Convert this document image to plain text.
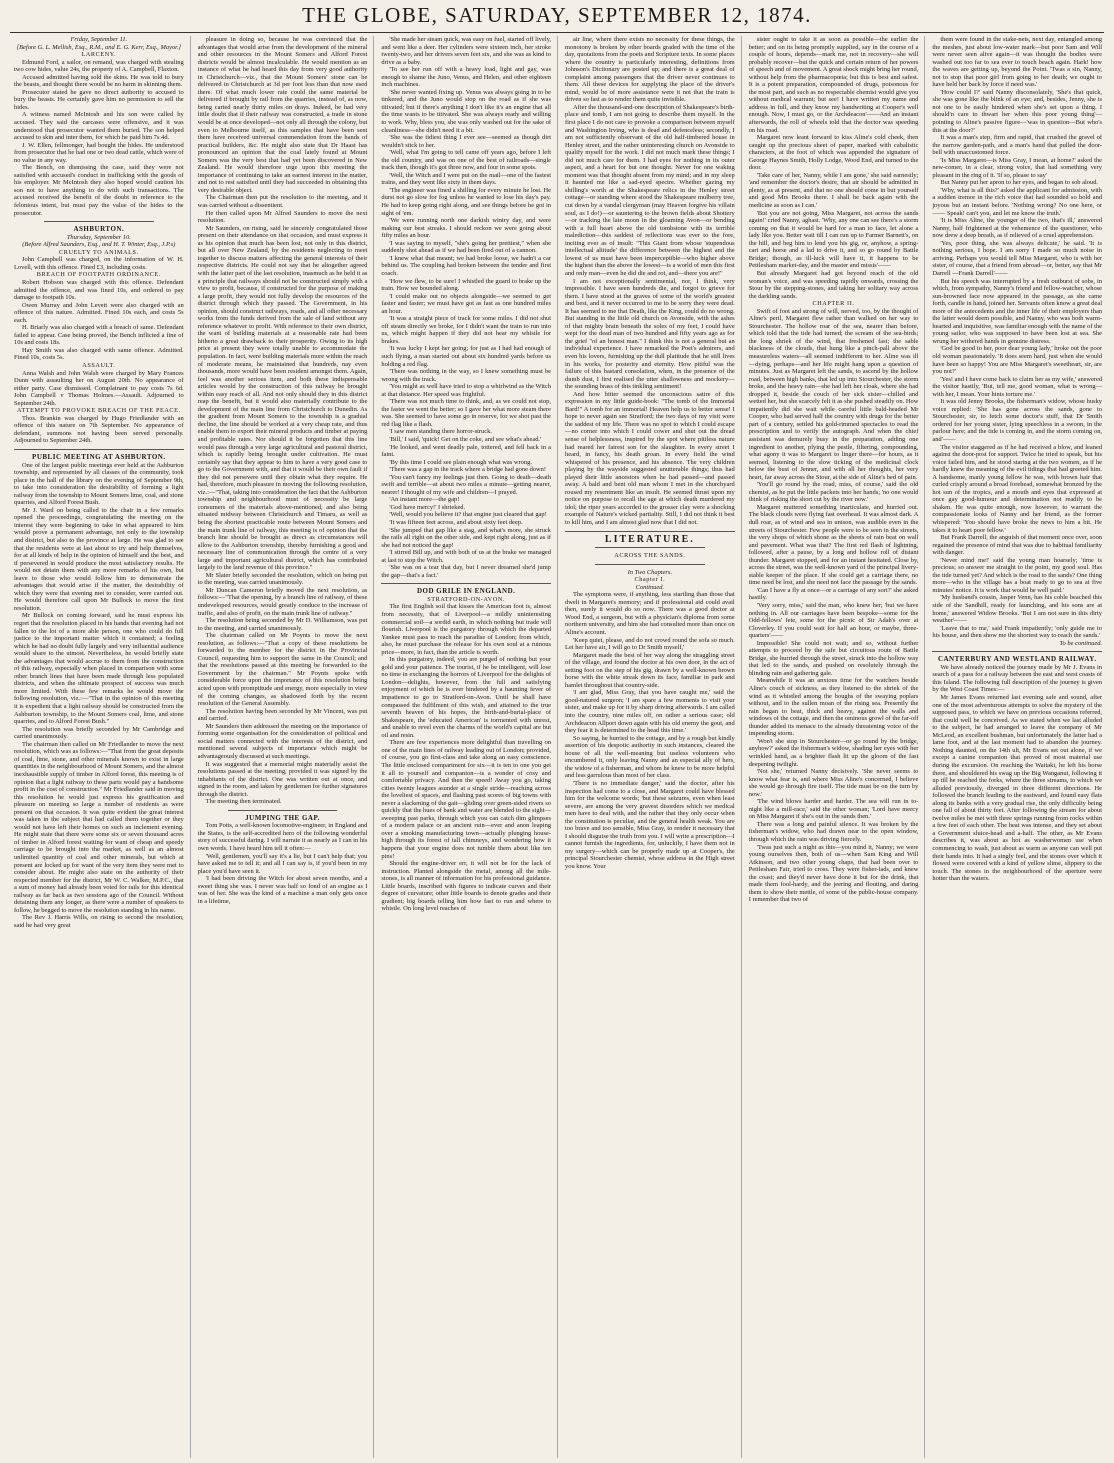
THE GLOBE, SATURDAY, SEPTEMBER 12, 1874.

Friday, September 11.

[Before G. L. Mellish, Esq., R.M., and E. G. Kerr, Esq., Mayor.]

LARCENY.

Edmund Ford, a sailor, on remand, was charged with stealing two cow hides, value 24s, the property of A. Campbell, Flaxton.

Accused admitted having sold the skins. He was told to bury the beasts, and thought there would be no harm in skinning them.

Prosecutor stated he gave no direct authority to accused to bury the beasts. He certainly gave him no permission to sell the hides.

A witness named McIntosh and his son were called by accused. They said the carcases were offensive, and it was understood that prosecutor wanted them buried. The son helped accused to skin and inter them, for which he paid him 7s 4d.

J. W. Ellen, fellmonger, had bought the hides. He understood from prosecutor that he had one or two dead cattle, which were of no value in any way.

The Bench, on dismissing the case, said they were not satisfied with accused's conduct in trafficking with the goods of his employer. Mr McIntosh they also hoped would caution his son not to have anything to do with such transactions. The accused received the benefit of the doubt in reference to the felonious intent, but must pay the value of the hides to the prosecutor.

ASHBURTON.

Thursday, September 10.

(Before Alfred Saunders, Esq., and H. T. Winter, Esq., J.P.s)

CRUELTY TO ANIMALS.

John Campbell was charged, on the information of W. H. Lovell, with this offence. Fined £3, including costs.

BREACH OF FOOTPATH ORDINANCE.

Robert Hobson was charged with this offence. Defendant admitted the offence, and was fined 10s, and ordered to pay damage to footpath 10s.

Owen Murray and John Levett were also charged with an offence of this nature. Admitted. Fined 10s each, and costs 5s each.

H. Briarly was also charged with a breach of same. Defendant failed to appear. Case being proved, the Bench inflicted a fine of 10s and costs 18s.

Hay Smith was also charged with same offence. Admitted. Fined 10s, costs 5s.

ASSAULT.

Anna Walsh and John Walsh were charged by Mary Frances Dunn with assaulting her on August 20th. No appearance of either party. Case dismissed. Complainant to pay costs 7s 6d. John Campbell v Thomas Holmes.—Assault. Adjourned to September 24th.

ATTEMPT TO PROVOKE BREACH OF THE PEACE.

Thos. Brankin was charged by Hugo Friedlander with an offence of this nature on 7th September. No appearance of defendant, summons not having been served personally. Adjourned to September 24th.

PUBLIC MEETING AT ASHBURTON.

One of the largest public meetings ever held at the Ashburton township, and represented by all classes of the community, took place in the hall of the library on the evening of September 9th, to take into consideration the desirability of forming a light railway from the township to Mount Somers lime, coal, and stone quarries, and Alford Forest Bush.

Mr J. Ward on being called to the chair in a few remarks opened the proceedings, congratulating the meeting on the interest they were beginning to take in what appeared to him would prove a permanent advantage, not only to the township and district, but also to the province at large. He was glad to see that the residents were at last about to try and help themselves, for at all kinds of help in the opinion of himself and the best, and if persevered in would produce the most satisfactory results. He would not detain them with any more remarks of his own, but leave to those who would follow him to demonstrate the advantages that would arise if the matter, the desirability of which they were that evening met to consider, were carried out. He would therefore call upon Mr Bullock to move the first resolution.

Mr Bullock on coming forward, said he must express his regret that the resolution placed in his hands that evening had not fallen to the lot of a more able person, one who could do full justice to the important matter which it contained; a feeling which he had no doubt fully largely and very influential audience would share to the utmost. Nevertheless, he would briefly state the advantages that would accrue to them from the construction of this railway, especially when placed in comparison with some other branch lines that have been made through less populated districts, and when the ultimate prospect of success was much more limited. With these few remarks he would move the following resolution, viz.:—"That in the opinion of this meeting it is expedient that a light railway should be constructed from the Ashburton township, to the Mount Somers coal, lime, and stone quarries, and to Alford Forest Bush."

The resolution was briefly seconded by Mr Cambridge and carried unanimously.

The chairman then called on Mr Friedlander to move the next resolution, which was as follows:—"That from the great deposits of coal, lime, stone, and other minerals known to exist in large quantities in the neighbourhood of Mount Somers, and the almost inexhaustible supply of timber in Alford forest, this meeting is of opinion that a light railway to these parts would pay a handsome profit in the cost of construction." Mr Friedlander said in moving this resolution he would just express his gratification and pleasure on meeting so large a number of residents as were present on that occasion. It was quite evident the great interest was taken in the subject that had called them together or they would not have left their homes on such an inclement evening. He might state that there were some six or seven thousand acres of timber in Alford forest waiting for want of cheap and speedy carriage to be brought into the market, as well as an almost unlimited quantity of coal and other minerals, but which at present are locked up for want of the very item they were met to consider about. He might also state on the authority of their respected member for the district, Mr W. C. Walker, M.P.C., that a sum of money had already been voted for rails for this identical railway as far back as two sessions ago of the Council. Without detaining them any longer, as there were a number of speakers to follow, he begged to move the resolution standing in his name.

The Rev J. Harris Wills, on rising to second the resolution, said he had very great

pleasure in doing so, because he was convinced that the advantages that would arise from the development of the mineral and other resources in the Mount Somers and Alford Forest districts would be almost incalculable. He would mention as an instance of what he had heard this day from very good authority in Christchurch—viz., that the Mount Somers' stone can be delivered in Christchurch at 3d per foot less than that now used there. Of what much lower rate could the same material be delivered if brought by rail from the quarries, instead of, as now, being carted nearly thirty miles on drays. Indeed, he had very little doubt that if their railway was constructed, a trade in stone would be at once developed—not only all through the colony, but even to Melbourne itself, as this samples that have been sent there have received universal commendation from the hands of practical builders, &c. He might also state that Dr Haast has pronounced an opinion that the coal lately found at Mount Somers was the very best that had yet been discovered in New Zealand. He would therefore urge upon this meeting the importance of continuing to take an earnest interest in the matter, and not to rest satisfied until they had succeeded in obtaining this very desirable object.

The Chairman then put the resolution to the meeting, and it was carried without a dissentient.

He then called upon Mr Alfred Saunders to move the next resolution.

Mr Saunders, on rising, said he sincerely congratulated those present on their attendance on that occasion, and must express it as his opinion that much has been lost, not only in this district, but all over New Zealand, by the residents neglecting to meet together to discuss matters affecting the general interests of their respective districts. He could not say that he altogether agreed with the latter part of the last resolution, inasmuch as he held it as a principle that railways should not be constructed simply with a view to profit, because, if constructed for the purpose of making a large profit, they would not fully develop the resources of the district through which they passed. The Government, in his opinion, should construct railways, roads, and all other necessary works from the funds derived from the sale of land without any reference whatever to profit. With reference to their own district, the want of building materials at a reasonable rate had been hitherto a great drawback to their prosperity. Owing to its high price at present they were totally unable to accommodate the population. In fact, were building materials more within the reach of moderate means, he maintained that hundreds, nay even thousands, more would have been resident amongst them. Again, feel was another serious item, and both these indispensable articles would by the construction of this railway be brought within easy reach of all. And not only should they in this district reap the benefit, but it would also materially contribute to the development of the main line from Christchurch to Dunedin. As the gradient from Mount Somers to the township is a gradual decline, the line should be worked at a very cheap rate, and thus enable them to export their mineral products and timber at paying and profitable rates. Nor should it be forgotten that this line would pass through a very large agricultural and pastoral district, which is rapidly being brought under cultivation. He must certainly say that they appear to him to have a very good case to go to the Government with, and that it would be their own fault if they did not persevere until they obtain what they require. He had, therefore, much pleasure in moving the following resolution, viz.:—"That, taking into consideration the fact that the Ashburton township and neighbourhood must of necessity be large consumers of the materials above-mentioned, and also being situated midway between Christchurch and Timaru, as well as being the shortest practicable route between Mount Somers and the main trunk line of railway, this meeting is of opinion that the branch line should be brought as direct as circumstances will allow to the Ashburton township, thereby furnishing a good and necessary line of communication through the centre of a very large and important agricultural district, which has contributed largely to the land revenue of this province."

Mr Slater briefly seconded the resolution, which on being put to the meeting, was carried unanimously.

Mr Duncan Cameron briefly moved the next resolution, as follows:—"That the opening, by a branch line of railway, of these undeveloped resources, would greatly conduce to the increase of traffic, and also of profit, on the main trunk line of railway."

The resolution being seconded by Mr D. Williamson, was put to the meeting, and carried unanimously.

The chairman called on Mr Poynts to move the next resolution, as follows:—"That a copy of these resolutions be forwarded to the member for the district in the Provincial Council, requesting him to support the same in the Council; and that the resolutions passed at this meeting be forwarded to the Government by the chairman." Mr Poynts spoke with considerable force upon the importance of this resolution being acted upon with promptitude and energy, more especially in view of the coming changes, as shadowed forth by the recent resolution of the General Assembly.

The resolution having been seconded by Mr Vincent, was put and carried.

Mr Saunders then addressed the meeting on the importance of forming some organisation for the consideration of political and social matters connected with the interests of the district, and mentioned several subjects of importance which might be advantageously discussed at such meetings.

It was suggested that a memorial might materially assist the resolutions passed at the meeting, provided it was signed by the inhabitants of the district. One was written out at once, and signed in the room, and taken by gentlemen for further signatures through the district.

The meeting then terminated.

JUMPING THE GAP.

Tom Potts, a well-known locomotive-engineer, in England and the States, is the self-accredited hero of the following wonderful story of successful daring. I will narrate it as nearly as I can in his own words. I have heard him tell it often:—

'Well, gentlemen, you'll say it's a lie, but I can't help that; you have asked me to tell it; and all I can say is, if you'd been in my place you'd have seen it.

'I had been driving the Witch for about seven months, and a sweet thing she was. I never was half so fond of an engine as I was of her. She was the kind of a machine a man only gets once in a lifetime,

'She made her steam quick, was easy on fuel, started off lively, and went like a deer. Her cylinders were sixteen inch, her stroke twenty-two, and her drivers seven feet six, and she was as kind to drive as a baby.

'To see her run off with a heavy load, light and gay, was enough to shame the Juno, Venus, and Helen, and other eighteen inch machines.

'She never wanted fixing up. Venus was always going in to be tinkered, and the Juno would stop on the road as if she was titivated; but if there's anything I don't like it's an engine that all the time wants to be titivated. She was always ready and willing to work. Why, bless you, she was only washed out for the sake of cleanliness—she didn't need it a bit.

'She was the tidiest thing I ever see—seemed as though dirt wouldn't stick to her.

'Well, what I'm going to tell came off years ago, before I left the old country, and was on one of the best of railroads—single track then, though it's got three now, and four in some spots.

'Well, the Witch and I were put on the mail—one of the fastest trains, and they went like sixty in them days.

'The engineer was fined a shilling for every minute he lost. He durst not go slow for fog unless he wanted to lose his day's pay. He had to keep going right along, and see things before he got in sight of 'em.

'We were running north one darkish wintry day, and were making our best streaks. I should reckon we were going about fifty miles an hour.

'I was saying to myself, "she's going her prettiest," when she suddenly shot ahead as if we had been fired out of a cannon.

'I knew what that meant; we had broke loose, we hadn't a car behind us. The coupling had broken between the tender and first coach.

'How we flew, to be sure! I whistled the guard to brake up the train. How we bounded along.

'I could make out no objects alongside—we seemed to get faster and faster; we must have got as fast as one hundred miles an hour.

'It was a straight piece of track for some miles. I did not shut off steam directly we broke, for I didn't want the train to run into us, which might happen if they did not hear my whistle for brakes.

'It was lucky I kept her going; for just as I had had enough of such flying, a man started out about six hundred yards before us holding a red flag.

'There was nothing in the way, so I knew something must be wrong with the track.

'You might as well have tried to stop a whirlwind as the Witch at that distance. Her speed was frightful.

'There was not much time to think, and, as we could not stop, the faster we went the better; so I gave her what more steam there was. She seemed to have some go in reserve, for we shot past the red flag like a flash.

'I saw men standing there horror-struck.

'Bill,' I said, 'quick! Get on the coke, and see what's ahead.'

'He looked, and went deadly pale, tottered, and fell back in a faint.

'By this time I could see plain enough what was wrong.

'There was a gap in the track where a bridge had gone down!

'You can't fancy my feelings just then. Going to death—death swift and terrible—at about two miles a minute—getting nearer, nearer! I thought of my wife and children—I prayed.

'An instant more—the gap!

'God have mercy!' I shrieked.

'Well, would you believe it? that engine just cleared that gap!

'It was fifteen feet across, and about sixty feet deep.

'She jumped that gap like a stag, and what's more, she struck the rails all right on the other side, and kept right along, just as if she had not noticed the gap!

'I stirred Bill up, and with both of us at the brake we managed at last to stop the Witch.

'She was on a tear that day, but I never dreamed she'd jump the gap—that's a fact.'

DOD GRILE IN ENGLAND.

STRATFORD-ON-AVON.

The first English soil that kisses the American foot is, almost from necessity, that of Liverpool—a mildly uninteresting commercial soil—a sordid earth, in which nothing but trade will flourish. Liverpool is the purgatory through which the departed Yankee must pass to reach the paradise of London; from which, also, he must purchase the release for his own soul at a ruinous price—more, in fact, than the article is worth.

In this purgatory, indeed, you are purged of nothing but your gold and your patience. The tourist, if he be intelligent, will lose no time in exchanging the horrors of Liverpool for the delights of London—delights, however, from the full and satisfying enjoyment of which he is ever hindered by a haunting fever of impatience to go to Stratford-on-Avon. Until he shall have compassed the fulfilment of this wish, and attained to the true seventh heaven of his hopes, the birth-and-burial-place of Shakespeare, the 'educated American' is tormented with unrest, and unable to revel even the charms of the world's capital are but oil and resin.

There are few experiences more delightful than travelling on one of the main lines of railway leading out of London; provided, of course, you go first-class and take along an easy conscience. The little enclosed compartment for six—it is ten to one you get it all to yourself and companion—is a wonder of cosy and comfortable privacy. And then the speed! Away you go, taking cities twenty leagues asunder at a single stride—reaching across the loveliest of spaces, and flashing past scores of big towns with never a slackening of the gait—gliding over green-sided rivers so quickly that the hues of bank and water are blended to the sight—sweeping past parks, through which you can catch dim glimpses of a modern palace or an ancient ruin—ever and anon leaping over a smoking manufacturing town—actually plunging house-high through its forest of tall chimneys, and wondering how it happens that your engine does not tumble them about like ten pins!

Should the engine-driver err, it will not be for the lack of instruction. Planted alongside the metal, among all the mile-stones, is all manner of information for his professional guidance. Little boards, inscribed with figures to indicate curves and their degree of curvature; other little boards to denote grades and their gradient; big boards telling him how fast to run and where to whistle. On long level reaches of

air line, where there exists no necessity for these things, the monotony is broken by other boards graded with the time of the day, quotations from the poets and Scripture texts. In some places where the country is particularly interesting, definitions from Johnson's Dictionary are posted up; and there is a great deal of complaint among passengers that the driver never continues to them. All these devices for supplying the place of the driver's mind, would be of more assistance were it not that the train is driven so fast as to render them quite invisible.

After the thousand-and-one description of Shakespeare's birth-place and tomb, I am not going to describe them myself. In the first place I do not care to provoke a comparison between myself and Washington Irving, who is dead and defenceless; secondly, I am not sufficiently observant of the old half-timbered house in Henley street, and the rather uninteresting church on Avonside to qualify myself for the work. I did not much mark these things; I did not much care for them. I had eyes for nothing in its outer aspect, and a heart for but one thought. Never for one waking moment was that thought absent from my mind; and in my sleep it haunted me like a sad-eyed spectre. Whether gazing my shilling's worth at the Shakespeare relics in the Henley street cottage—or standing where stood the Shakespeare mulberry tree, cut down by a vandal clergyman (may Heaven forgive his villain soul, as I do!)—or sauntering to the brown fields about Shottery—or tracking the late moon in the gloaming Avon—or bending with a full heart above the old tombstone with its terrible malediction—this saddest of reflections was ever to the fore, inciting ever as of insult: "This Giant from whose 'stupendous intellectual altitude' the difference between the highest and the lowest of us must have been imperceptible—who higher above the highest than the above the lowest—is a world of men this first and only man—even he did die and rot, and—there you are!"

I am not exceptionally sentimental, nor, I think, very impressible. I have seen hundreds die, and forgot to grieve for them. I have stood at the graves of some of the world's greatest and best, and it never occurred to me to be sorry they were dead. It has seemed to me that Death, like the King, could do no wrong. But standing in the little old church on Avonside, with the ashes of that mighty brain beneath the soles of my feet, I could have wept for the dead man of two hundred and fifty years ago as for the grief "of an honest man." I think this is not a general but an individual experience. I have remarked the Poet's admirers, and even his lovers, furnishing up the dull platitude that he still lives in his works, for posterity and eternity. How pitiful was the failure of this bastard consolation, when, in the presence of the dumb dust, I first realised the utter shallowness and mockery—the sounding brass of this tinkling sentiment!

And how bitter seemed the unconscious satire of this expression in my little guide-book: "The tomb of the Immortal Bard!" A tomb for an immortal! Heaven help us to better sense! I hope to never again see Stratford; the two days of my visit were the saddest of my life. There was no spot to which I could escape—no corner into which I could cower and shut out the dread sense of helplessness, inspired by the spot where pitiless nature had reared her fairest son for the slaughter. In every street I heard, in fancy, his death groan. In every field the wind whispered of his presence, and his absence. The very children playing by the wayside suggested unutterable things; thus had played their little ancestors when he had passed—and passed away. A bald and bent old man whom I met in the churchyard roused my resentment like an insult. He seemed thrust upon my notice on purpose to recall the age at which death murdered my idol; the riper years accorded to the grosser clay were a shocking example of Nature's wicked partiality. Still, I did not think it best to kill him, and I am almost glad now that I did not.

LITERATURE.

ACROSS THE SANDS.

In Two Chapters.

Chapter I.

Continued.

The symptoms were, if anything, less startling than those that dwelt in Margaret's memory; and if professional aid could avail then, surely it would do so now. There was a good doctor at Wood End, a surgeon, but with a physician's diploma from some northern university, and him she had consulted more than once on Aline's account.

'Keep quiet, please, and do not crowd round the sofa so much. Let her have air, I will go to Dr Smith myself,'

Margaret made the best of her way along the straggling street of the village, and found the doctor at his own door, in the act of setting foot on the step of his gig, drawn by a well-known brown horse with the white streak down its face, familiar in park and hamlet throughout that country-side.

'I am glad, Miss Gray, that you have caught me,' said the good-natured surgeon; 'I am spare a few moments to visit your sister, and make up for it by sharp driving afterwards. I am called into the country, nine miles off, on rather a serious case; old Archdeacon Allport down again with his old enemy the gout, and they fear it is determined to the head this time.'

So saying, he hurried to the cottage, and by a rough but kindly assertion of his despotic authority in such instances, cleared the house of all the well-meaning but useless volunteers who encumbered it, only leaving Nanny and an especial ally of hers, the widow of a fisherman, and whom he knew to be more helpful and less garrulous than most of her class.

'There is no immediate danger,' said the doctor, after his inspection had come to a close, and Margaret could have blessed him for the welcome words; 'but these seizures, even when least severe, are among the very gravest disorders which we medical men have to deal with, and the rather that they only occur when the constitution is peculiar, and the general health weak. You are too brave and too sensible, Miss Gray, to render it necessary that I should disguise the truth from you. I will write a prescription—I cannot furnish the ingredients, for, unluckily, I have them not in my surgery—which can be properly made up at Cooper's, the principal Stourchester chemist, whose address in the High street you know. Your

sister ought to take it as soon as possible—the earlier the better; and on its being promptly supplied, say in the course of a couple of hours, depends—mark me, not in recovery—she will probably recover—but the quick and certain return of her powers of speech and of movement. A great shock might bring her round, without help from the pharmacopœia; but this is best and safest. It is a potent preparation, compounded of drugs, poisonous for the most part, and such as no respectable chemist would give you without medical warrant; but see! I have written my name and address in full, and they know my handwriting at Cooper's well enough. Now, I must go, or the Archdeacon'——And an instant afterwards, the roll of wheels told that the doctor was speeding on his road.

Margaret now leant forward to kiss Aline's cold cheek, then caught up the precious sheet of paper, marked with cabalistic characters, at the foot of which was appended the signature of George Haynes Smith, Holly Lodge, Wood End, and turned to the door.

'Take care of her, Nanny, while I am gone,' she said earnestly; 'and remember the doctor's desire, that air should be admitted in plenty, as at present, and that no one should come in but yourself and good Mrs Brooks there. I shall be back again with the medicine as soon as I can.'

'But you are not going, Miss Margaret, not across the sands again!' cried Nanny, aghast. 'Why, any one can see there's a storm coming on that it would be hard for a man to face, let alone a lady like you. Better wait till I can run up to Farmer Barnett's, on the hill, and beg him to lend you his gig, or, anyhow, a spring-cart and horse and a lad to drive it, and so go round by Battle Bridge; though, as ill-luck will have it, it happens to be Pettlesham market-day, and the master and missis'——

But already Margaret had got beyond reach of the old woman's voice, and was speeding rapidly onwards, crossing the Stour by the stepping-stones, and taking her solitary way across the darkling sands.

CHAPTER II.

Swift of foot and strong of will, nerved, too, by the thought of Aline's peril, Margaret flew rather than walked on her way to Stourchester. The hollow roar of the sea, nearer than before, which told that the tide had turned; the scream of the sea-birds; the long shriek of the wind, that freshened fast; the sable blackness of the clouds, that hung like a pinch-pall above the measureless waters—all seemed indifferent to her. Aline was ill—dying, perhaps—and her life might hang upon a question of minutes. Just as Margaret left the sands, to ascend by the hollow road, between high banks, that led up into Stourchester, the storm broke, and the heavy rain—she had left her cloak, where she had dropped it, beside the couch of her sick sister—chilled and wetted her, but she scarcely felt it as she pushed steadily on. How impatiently did she wait while careful little bald-headed Mr Cooper, who had served half the country with drugs for the better part of a century, settled his gold-rimmed spectacles to read the prescription and to verify the autograph. And when the chief assistant was demurely busy in the preparation, adding one ingredient to another, plying the pestle, filtering, compounding, what agony it was to Margaret to linger there—for hours, as it seemed, listening to the slow ticking of the medicinal clock below the bust of Jenner, and with all her thoughts, her very heart, far away across the Stour, at the side of Aline's bed of pain.

'You'll go round by the road, miss, of course,' said the old chemist, as he put the little packets into her hands; 'no one would think of risking the short cut by the river now.'

Margaret muttered something inarticulate, and hurried out. The black clouds were flying fast overhead. It was almost dark. A dull roar, as of wind and sea in unison, was audible even in the streets of Stourchester. Few people were to be seen in the streets, the very shops of which shone as the sheets of rain beat on wall and pavement. What was that? The first red flash of lightning, followed, after a pause, by a long and hollow roll of distant thunder. Margaret stopped, and for an instant hesitated. Close by, across the street, was the well-known yard of the principal livery-stable keeper of the place. If she could get a carriage there, no time need be lost, and she need not face the passage by the sands.

'Can I have a fly at once—or a carriage of any sort?' she asked hastily.

'Very sorry, miss,' said the man, who knew her; 'but we have nothing in. All our carriages have been bespoke—some for the Odd-fellows' fete, some for the picnic of Sir Adah's over at Cloverley. If you could wait for half an hour, or maybe, three-quarters'——

Impossible! She could not wait; and so, without further attempts to proceed by the safe but circuitous route of Battle Bridge, she hurried through the street, struck into the hollow way that led to the sands, and pushed on resolutely through the blinding rain and gathering gale.

Meanwhile it was an anxious time for the watchers beside Aline's couch of sickness, as they listened to the shriek of the wind as it whistled among the boughs of the swaying poplars without, and to the sullen moan of the rising sea. Presently the rain began to beat, thick and heavy, against the walls and windows of the cottage, and then the ominous growl of the far-off thunder added its menace to the already threatening voice of the impending storm.

'Won't she stop in Stourchester—or go round by the bridge, anyhow?' asked the fisherman's widow, shading her eyes with her wrinkled hand, as a brighter flash lit up the gloom of the fast deepening twilight.

'Not she,' returned Nanny decisively. 'She never seems to know what fear is, and where Miss Aline's concerned, I believe she would go through fire itself. The tide must be on the turn by now.'

'The wind blows harder and harder. The sea will run in to-night like a mill-race,' said the other woman; 'Lord have mercy on Miss Margaret if she's out in the sands then.'

There was a long and painful silence. It was broken by the fisherman's widow, who had drawn near to the open window, through which the rain was driving fiercely.

'Twas just such a night as this—you mind it, Nanny; we were young ourselves then, both of us—when Sam King and Will Atkinson, and two other young chaps, that had been over to Pettlesham Fair, tried to cross. They were fisher-lads, and knew the coast; and they'd never have done it but for the drink, that made them fool-hardy, and the jeering and flouting, and daring them to show their mettle, of some of the public-house company. I remember that two of

them were found in the stake-nets, next day, entangled among the meshes, just about low-water mark—but poor Sam and Will were never seen alive again—it was thought the bodies were washed out too far to sea ever to touch beach again. Hark! how the waves are getting up, beyond the Point. 'Twas a sin, Nanny, not to stop that poor girl from going to her death; we ought to have held her back by force if need was.'

'How could I?' said Nanny disconsolately, 'She's that quick, she was gone like the blink of an eye; and, besides, Jenny, she is not one to be easily hindered when she's set upon a thing. I should'n care to thwart her when this poor young thing'—pointing to Aline's passive figure—'was in question—But who's this at the door?'

It was a man's step, firm and rapid, that crushed the gravel of the narrow garden-path, and a man's hand that pulled the door-bell with unaccustomed force.

'Is Miss Margaret—is Miss Gray, I mean, at home?' asked the new-comer, in a clear, strong voice, that had something very pleasant in the ring of it. 'If so, please to say'

But Nanny put her apron to her eyes, and began to sob aloud.

'Why, what is all this?' asked the applicant for admission, with a sudden tremor in the rich voice that had sounded so bold and joyous but an instant before. 'Nothing wrong? No one here, or—— Speak! can't you, and let me know the truth.'

'It is Miss Aline, the younger of the two, that's ill,' answered Nanny, half frightened at the vehemence of the questioner, who now drew a deep breath, as if relieved of a cruel apprehension.

'Yes, poor thing, she was always delicate,' he said. 'It is nothing serious, I hope. I am sorry I made so much noise in arriving. Perhaps you would tell Miss Margaret, who is with her sister, of course, that a friend from abroad—or, better, say that Mr Darrell —Frank Darrell'——

But his speech was interrupted by a fresh outburst of sobs, in which, from sympathy, Nanny's friend and fellow-watcher, whose sun-browned face now appeared in the passage, as she came forth, candle in hand, joined her. Servants often know a great deal more of the antecedents and the inner life of their employers than the latter would deem possible, and Nanny, who was both warm-hearted and inquisitive, was familiar enough with the name of the young sailor, who was supposed to have been lost at sea. She wrung her withered hands in genuine distress.

'God be good to her, poor dear young lady,' broke out the poor old woman passionately. 'It does seem hard, just when she would have been so happy! You are Miss Margaret's sweetheart, sir, are you not?'

'Yes! and I have come back to claim her as my wife,' answered the visitor hastily, 'But, tell me, good woman, what is wrong—with her, I mean. Your hints torture me.'

It was old Jenny Brooks, the fisherman's widow, whose husky voice replied: 'She has gone across the sands, gone to Stourchester, sir, to fetch some doctor's stuff, that Dr Smith ordered for her young sister, lying speechless in a swoon, in the parlour here; and the tide is coming in, and the storm coming on, and'——

The visitor staggered as if he had received a blow, and leaned against the door-post for support. Twice he tried to speak, but his voice failed him, and he stood staring at the two women, as if he hardly knew the meaning of the evil tidings that had greeted him. A handsome, manly young fellow he was, with brown hair that curled crisply around a broad forehead, somewhat bronzed by the hot sun of the tropics, and a mouth and eyes that expressed at once gay good-humour and determination not readily to be shaken. He was quite enough, now however, to warrant the compassionate looks of Nanny and her friend, as the former whispered: 'You should have broke the news to him a bit. He takes it to heart poor fellow.'

But Frank Darrell, the anguish of that moment once over, soon regained the presence of mind that was due to habitual familiarity with danger.

'Never mind me!' said the young man hoarsely; 'time is precious; so answer me straight to the point, my good soul. Has the tide turned yet? And which is the road to the sands? One thing more—who in the village has a boat ready to go to sea at five minutes' notice. It is work that would be well paid.'

'My husband's cousin, Jasper Venn, has his coble beached this side of the Sandhill, ready for launching, and his sons are at home,' answered Widow Brooks. 'But I am not sure in this dirty weather'——

'Leave that to me,' said Frank impatiently; 'only guide me to his house, and then show me the shortest way to reach the sands.'

To be continued.

CANTERBURY AND WESTLAND RAILWAY.

We have already noticed the journey made by Mr J. Evans in search of a pass for a railway between the east and west coasts of this Island. The following full description of the journey is given by the West Coast Times:—

Mr James Evans returned last evening safe and sound, after one of the most adventurous attempts to solve the mystery of the supposed pass, to which we have on previous occasions referred, that could well be conceived. As we stated when we last alluded to the subject, he had arranged to leave the company of Mr McLeod, an excellent bushman, but unfortunately the latter had a lame foot, and at the last moment had to abandon the journey. Nothing daunted, on the 14th ult, Mr Evans set out alone, if we except a canine companion that proved of most material use during the excursion. On reaching the Waitaki, he left his horse there, and shouldered his swag up the Big Wanganui, following it up till he reached the forks, where the three streams, to which we alluded previously, diverged in three different directions. He followed the branch leading to the eastward, and found easy flats along its banks with a very gradual rise, the only difficulty being one fall of about thirty feet. After following the stream for about twelve miles he met with three springs running from rocks within a few feet of each other. The heat was intense, and they set about a Government sluice-head and a-half. The other, as Mr Evans describes it, was about as hot as washerwomen use when commencing to wash, just about as warm as anyone can well put their hands into. It had a singly feel, and the stones over which it flowed were covered with a kind of yellow slime, slippery to the touch. The stones in the neighbourhood of the aperture were hotter than the waters.
